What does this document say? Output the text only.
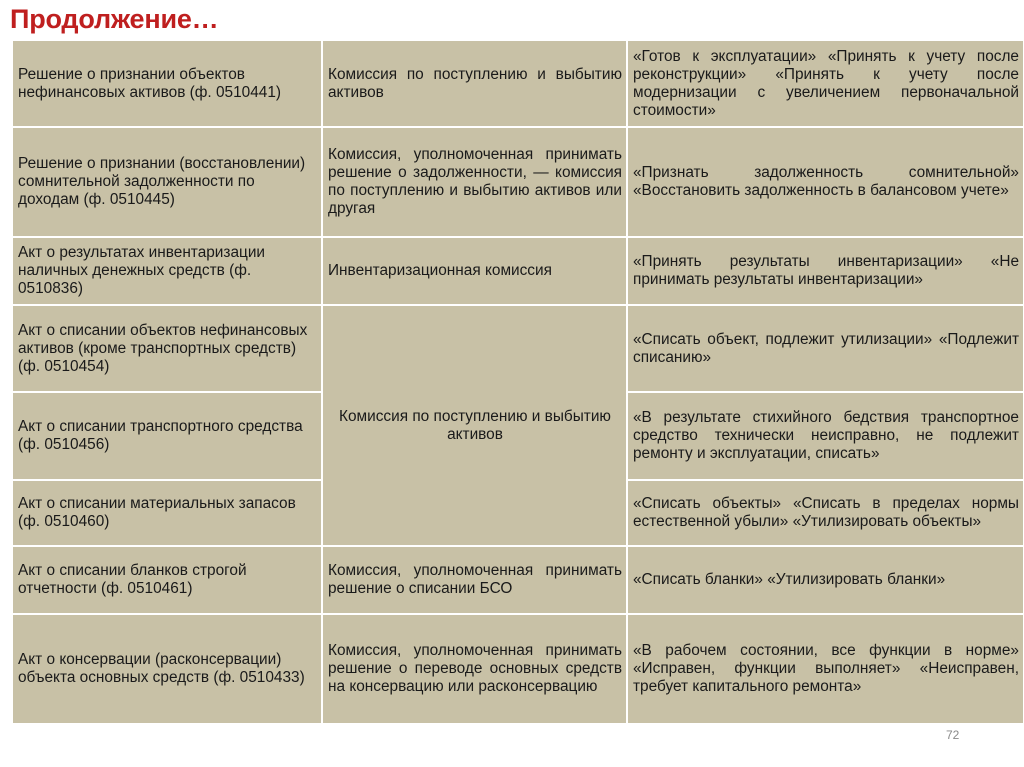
Продолжение…
Решение о признании объектов нефинансовых активов (ф. 0510441)	Комиссия по поступлению и выбытию активов	«Готов к эксплуатации» «Принять к учету после реконструкции» «Принять к учету после модернизации с увеличением первоначальной стоимости»
Решение о признании (восстановлении) сомнительной задолженности по доходам (ф. 0510445)	Комиссия, уполномоченная принимать решение о задолженности, — комиссия по поступлению и выбытию активов или другая	«Признать задолженность сомнительной» «Восстановить задолженность в балансовом учете»
Акт о результатах инвентаризации наличных денежных средств (ф. 0510836)	Инвентаризационная комиссия	«Принять результаты инвентаризации» «Не принимать результаты инвентаризации»
Акт о списании объектов нефинансовых активов (кроме транспортных средств) (ф. 0510454)	Комиссия по поступлению и выбытию активов	«Списать объект, подлежит утилизации» «Подлежит списанию»
Акт о списании транспортного средства (ф. 0510456)		«В результате стихийного бедствия транспортное средство технически неисправно, не подлежит ремонту и эксплуатации, списать»
Акт о списании материальных запасов (ф. 0510460)		«Списать объекты» «Списать в пределах нормы естественной убыли» «Утилизировать объекты»
Акт о списании бланков строгой отчетности (ф. 0510461)	Комиссия, уполномоченная принимать решение о списании БСО	«Списать бланки» «Утилизировать бланки»
Акт о консервации (расконсервации) объекта основных средств (ф. 0510433)	Комиссия, уполномоченная принимать решение о переводе основных средств на консервацию или расконсервацию	«В рабочем состоянии, все функции в норме» «Исправен, функции выполняет» «Неисправен, требует капитального ремонта»
72
